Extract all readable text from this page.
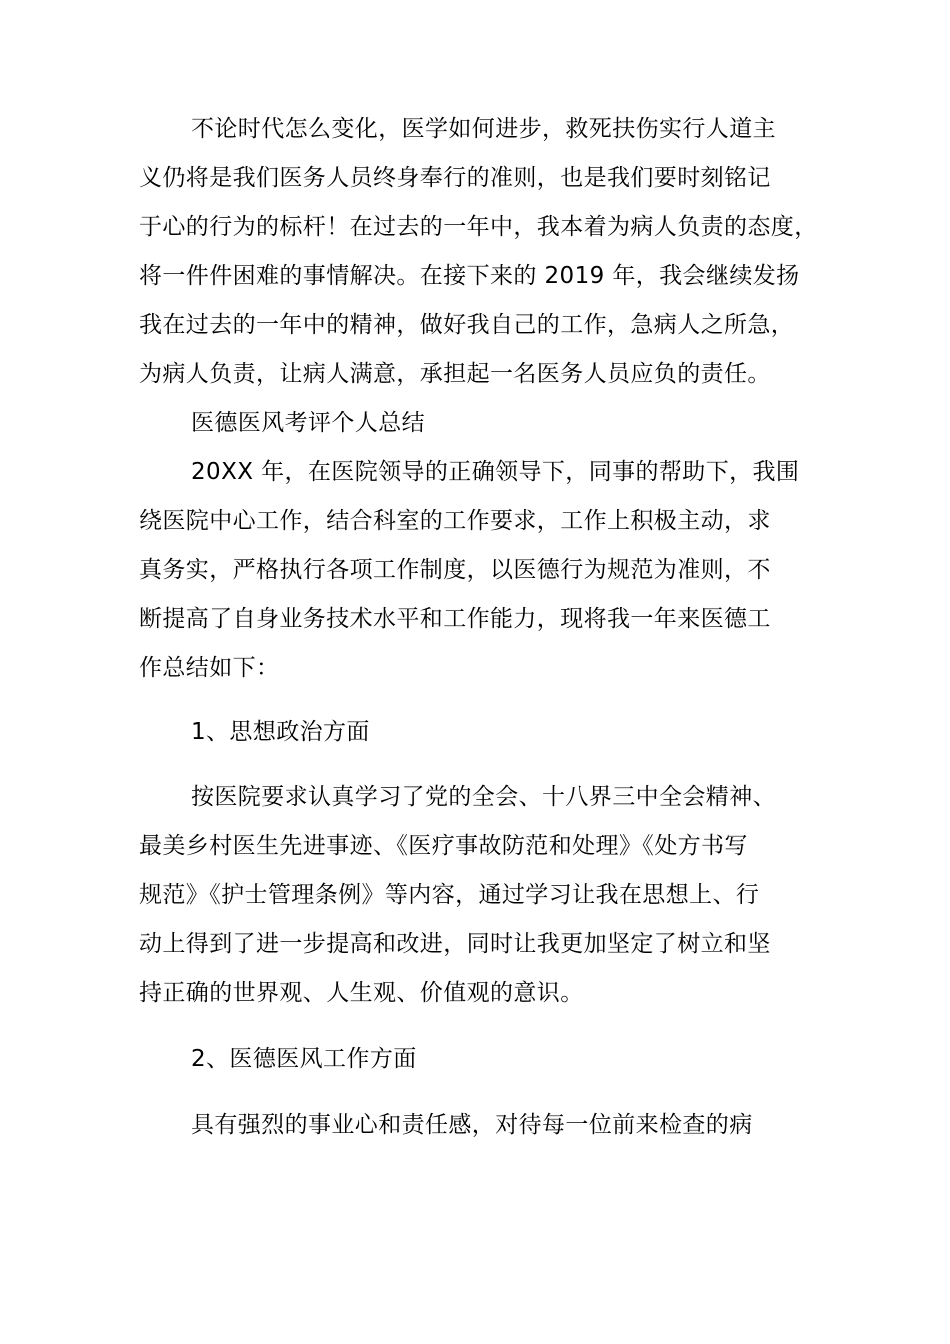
不论时代怎么变化，医学如何进步，救死扶伤实行人道主
义仍将是我们医务人员终身奉行的准则，也是我们要时刻铭记
于心的行为的标杆！在过去的一年中，我本着为病人负责的态度，
将一件件困难的事情解决。在接下来的 2019 年，我会继续发扬
我在过去的一年中的精神，做好我自己的工作，急病人之所急，
为病人负责，让病人满意，承担起一名医务人员应负的责任。
医德医风考评个人总结
20XX 年，在医院领导的正确领导下，同事的帮助下，我围
绕医院中心工作，结合科室的工作要求，工作上积极主动，求
真务实，严格执行各项工作制度，以医德行为规范为准则，不
断提高了自身业务技术水平和工作能力，现将我一年来医德工
作总结如下：
1、思想政治方面
按医院要求认真学习了党的全会、十八界三中全会精神、
最美乡村医生先进事迹、《医疗事故防范和处理》《处方书写
规范》《护士管理条例》等内容，通过学习让我在思想上、行
动上得到了进一步提高和改进，同时让我更加坚定了树立和坚
持正确的世界观、人生观、价值观的意识。
2、医德医风工作方面
具有强烈的事业心和责任感，对待每一位前来检查的病
